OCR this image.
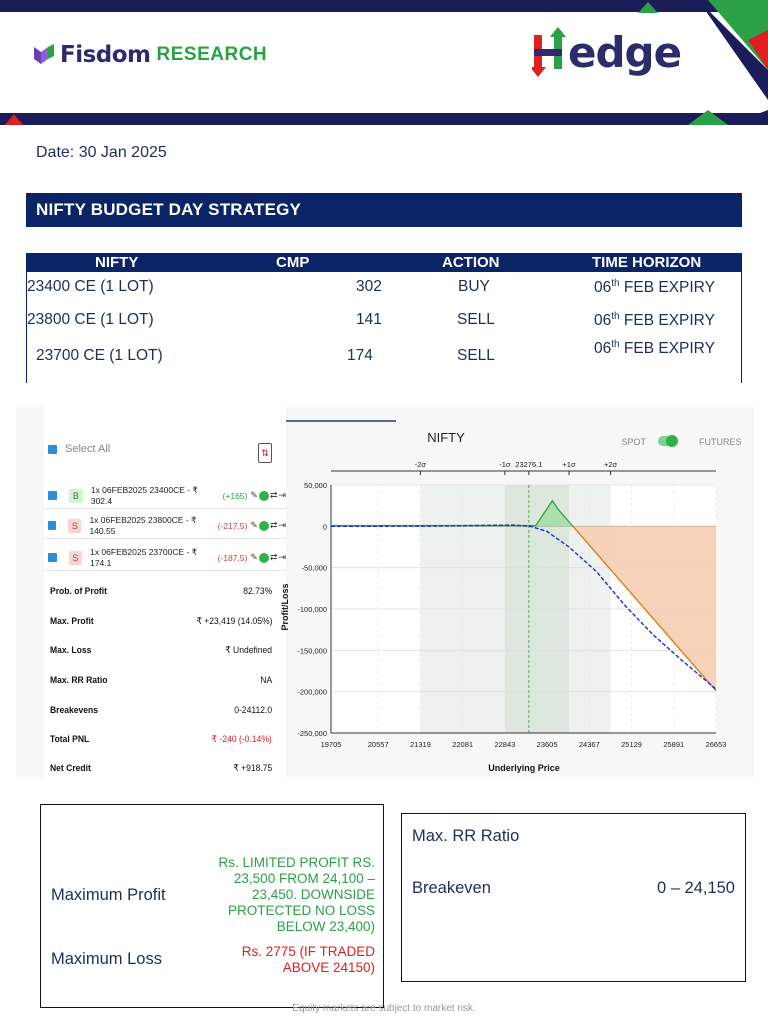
Fisdom RESEARCH	edge
Date: 30 Jan 2025
NIFTY BUDGET DAY STRATEGY
NIFTY	CMP	ACTION	TIME HORIZON
23400 CE (1 LOT)	302	BUY	06th FEB EXPIRY
23800 CE (1 LOT)	141	SELL	06th FEB EXPIRY
23700 CE (1 LOT)	174	SELL	06th FEB EXPIRY
Select All	⇅
B
1x 06FEB2025 23400CE - ₹ 302.4
(+165) ✎ ⇄ ⇥
S
1x 06FEB2025 23800CE - ₹ 140.55
(-217.5) ✎ ⇄ ⇥
S
1x 06FEB2025 23700CE - ₹ 174.1
(-187.5) ✎ ⇄ ⇥
Prob. of Profit	82.73%
Max. Profit	₹ +23,419 (14.05%)
Max. Loss	₹ Undefined
Max. RR Ratio	NA
Breakevens	0-24112.0
Total PNL	₹ -240 (-0.14%)
Net Credit	₹ +918.75
NIFTY	SPOT	FUTURES
50,000
0
-50,000
-100,000
-150,000
-200,000
-250,000
19705	20557	21319	22081	22843	23605	24367	25129	25891	26653
-2σ	-1σ 23276.1	+1σ	+2σ
Underlying Price
Profit/Loss
Maximum Profit
Rs. LIMITED PROFIT RS. 23,500 FROM 24,100 – 23,450. DOWNSIDE PROTECTED NO LOSS BELOW 23,400)
Maximum Loss	Rs. 2775 (IF TRADED ABOVE 24150)
Max. RR Ratio
Breakeven	0 – 24,150
Equity markets are subject to market risk.
